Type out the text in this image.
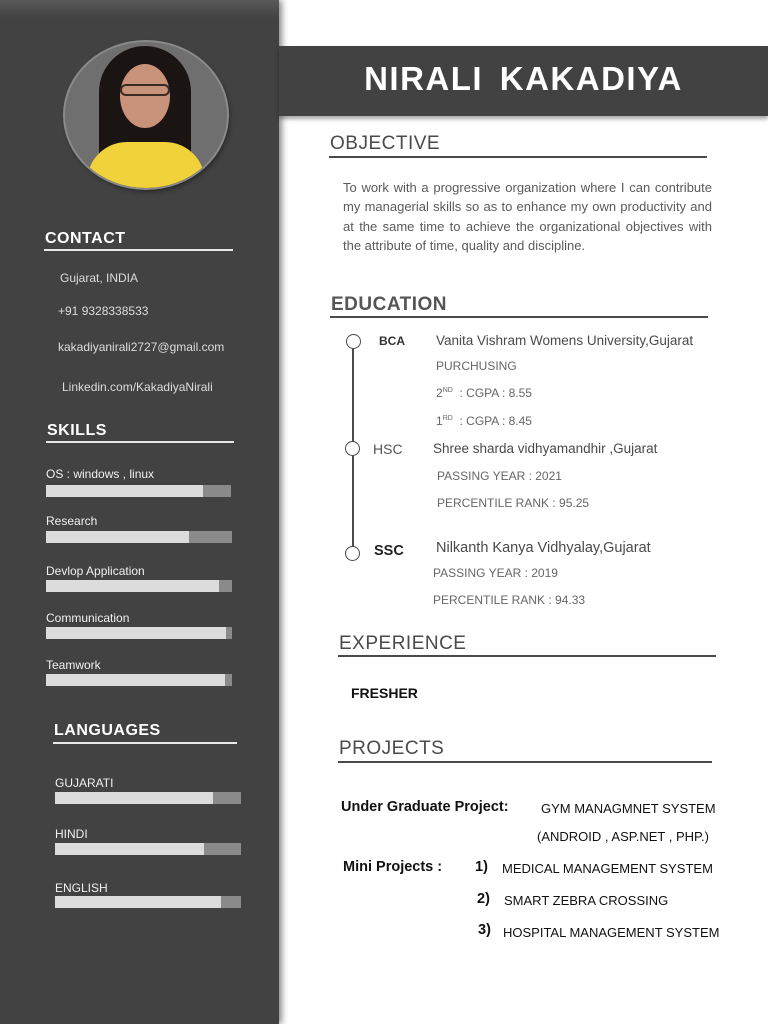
CONTACT
Gujarat, INDIA
+91 9328338533
kakadiyanirali2727@gmail.com
Linkedin.com/KakadiyaNirali
SKILLS
OS : windows , linux
Research
Devlop Application
Communication
Teamwork
LANGUAGES
GUJARATI
HINDI
ENGLISH
NIRALI KAKADIYA
OBJECTIVE
To work with a progressive organization where I can contribute my managerial skills so as to enhance my own productivity and at the same time to achieve the organizational objectives with the attribute of time, quality and discipline.
EDUCATION
BCA Vanita Vishram Womens University,Gujarat
PURCHUSING
2ND : CGPA : 8.55
1RD : CGPA : 8.45
HSC Shree sharda vidhyamandhir ,Gujarat
PASSING YEAR : 2021
PERCENTILE RANK : 95.25
SSC Nilkanth Kanya Vidhyalay,Gujarat
PASSING YEAR : 2019
PERCENTILE RANK : 94.33
EXPERIENCE
FRESHER
PROJECTS
Under Graduate Project: GYM MANAGMNET SYSTEM
(ANDROID , ASP.NET , PHP.)
Mini Projects : 1) MEDICAL MANAGEMENT SYSTEM
2) SMART ZEBRA CROSSING
3) HOSPITAL MANAGEMENT SYSTEM
